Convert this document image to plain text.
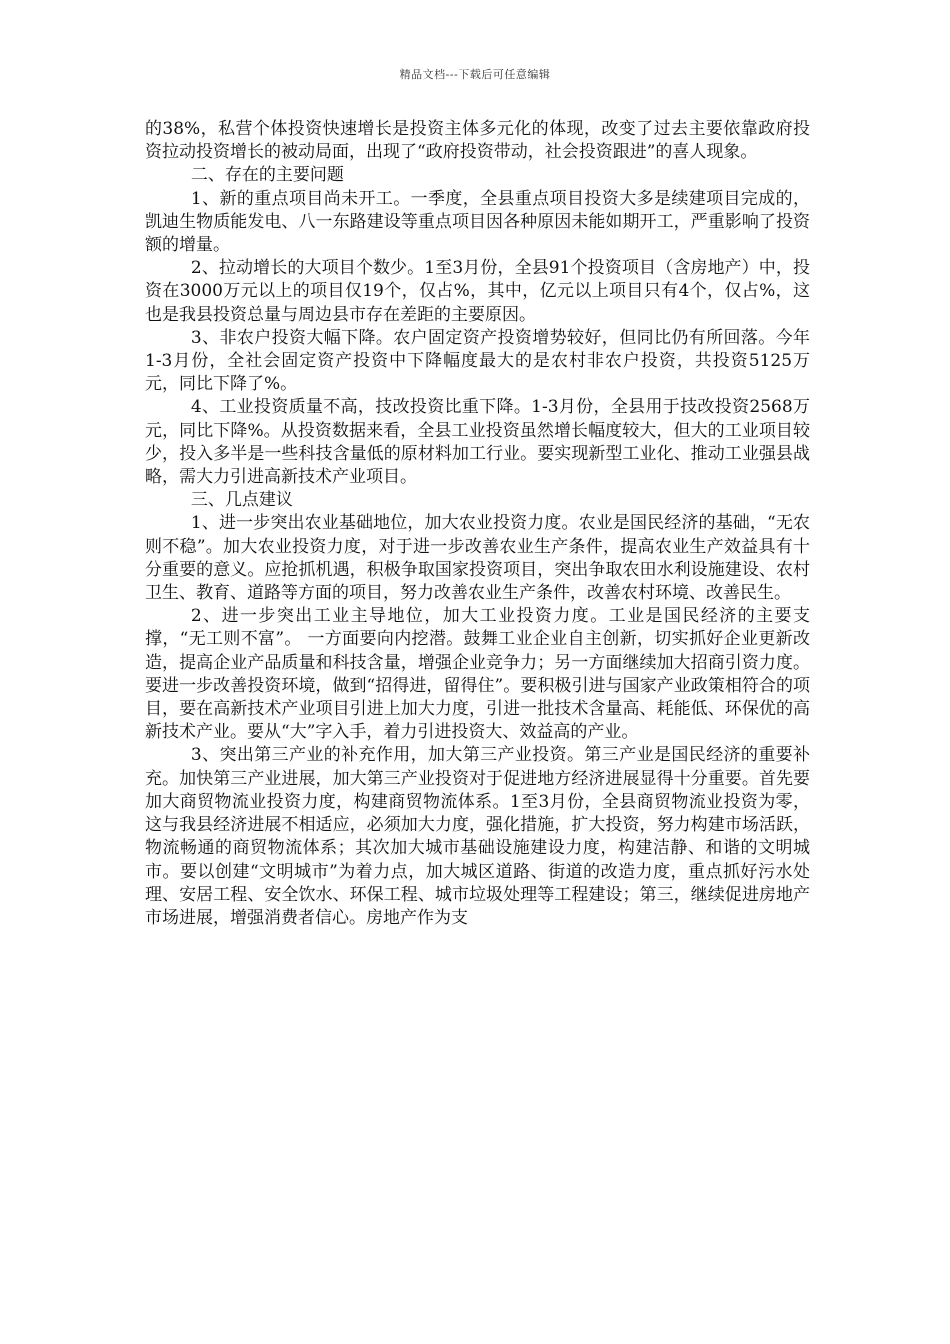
精品文档---下载后可任意编辑

的38%，私营个体投资快速增长是投资主体多元化的体现，改变了过去主要依靠政府投资拉动投资增长的被动局面，出现了“政府投资带动，社会投资跟进”的喜人现象。

二、存在的主要问题

1、新的重点项目尚未开工。一季度，全县重点项目投资大多是续建项目完成的，凯迪生物质能发电、八一东路建设等重点项目因各种原因未能如期开工，严重影响了投资额的增量。

2、拉动增长的大项目个数少。1至3月份，全县91个投资项目（含房地产）中，投资在3000万元以上的项目仅19个，仅占%，其中，亿元以上项目只有4个，仅占%，这也是我县投资总量与周边县市存在差距的主要原因。

3、非农户投资大幅下降。农户固定资产投资增势较好，但同比仍有所回落。今年1-3月份，全社会固定资产投资中下降幅度最大的是农村非农户投资，共投资5125万元，同比下降了%。

4、工业投资质量不高，技改投资比重下降。1-3月份，全县用于技改投资2568万元，同比下降%。从投资数据来看，全县工业投资虽然增长幅度较大，但大的工业项目较少，投入多半是一些科技含量低的原材料加工行业。要实现新型工业化、推动工业强县战略，需大力引进高新技术产业项目。

三、几点建议

1、进一步突出农业基础地位，加大农业投资力度。农业是国民经济的基础，“无农则不稳”。加大农业投资力度，对于进一步改善农业生产条件，提高农业生产效益具有十分重要的意义。应抢抓机遇，积极争取国家投资项目，突出争取农田水利设施建设、农村卫生、教育、道路等方面的项目，努力改善农业生产条件，改善农村环境、改善民生。

2、进一步突出工业主导地位，加大工业投资力度。工业是国民经济的主要支撑，“无工则不富”。 一方面要向内挖潜。鼓舞工业企业自主创新，切实抓好企业更新改造，提高企业产品质量和科技含量，增强企业竞争力；另一方面继续加大招商引资力度。要进一步改善投资环境，做到“招得进，留得住”。要积极引进与国家产业政策相符合的项目，要在高新技术产业项目引进上加大力度，引进一批技术含量高、耗能低、环保优的高新技术产业。要从“大”字入手，着力引进投资大、效益高的产业。

3、突出第三产业的补充作用，加大第三产业投资。第三产业是国民经济的重要补充。加快第三产业进展，加大第三产业投资对于促进地方经济进展显得十分重要。首先要加大商贸物流业投资力度，构建商贸物流体系。1至3月份，全县商贸物流业投资为零，这与我县经济进展不相适应，必须加大力度，强化措施，扩大投资，努力构建市场活跃，物流畅通的商贸物流体系；其次加大城市基础设施建设力度，构建洁静、和谐的文明城市。要以创建“文明城市”为着力点，加大城区道路、街道的改造力度，重点抓好污水处理、安居工程、安全饮水、环保工程、城市垃圾处理等工程建设；第三，继续促进房地产市场进展，增强消费者信心。房地产作为支
